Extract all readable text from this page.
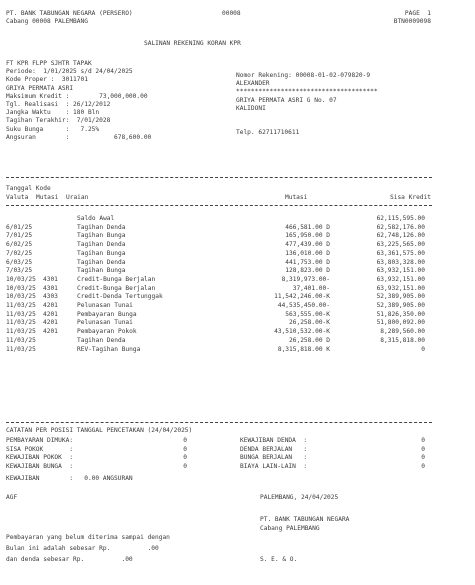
PT. BANK TABUNGAN NEGARA (PERSERO)
Cabang 00008 PALEMBANG
00008	PAGE  1
BTN0009098
SALINAN REKENING KORAN KPR
FT KPR FLPP SJHTR TAPAK
Periode:  1/01/2025 s/d 24/04/2025
Kode Proper :  3011701
GRIYA PERMATA ASRI
Maksimum Kredit :        73,000,000.00
Tgl. Realisasi  : 26/12/2012
Jangka Waktu    : 180 Bln
Tagihan Terakhir:  7/01/2028
Suku Bunga      :   7.25%
Angsuran        :            678,600.00
Nomor Rekening: 00008-01-02-079820-9
ALEXANDER
**************************************
GRIYA PERMATA ASRI G No. 07
KALIDONI
Telp. 62711710611
Tanggal Kode
Valuta Mutasi Uraian	Mutasi	Sisa Kredit
Saldo Awal	62,115,595.00
6/01/25	Tagihan Denda	466,581.00 D	62,582,176.00
7/01/25	Tagihan Bunga	165,950.00 D	62,748,126.00
6/02/25	Tagihan Denda	477,439.00 D	63,225,565.00
7/02/25	Tagihan Bunga	136,010.00 D	63,361,575.00
6/03/25	Tagihan Denda	441,753.00 D	63,803,328.00
7/03/25	Tagihan Bunga	128,823.00 D	63,932,151.00
10/03/25 4301	Credit-Bunga Berjalan	8,319,973.00-	63,932,151.00
10/03/25 4301	Credit-Bunga Berjalan	37,401.00-	63,932,151.00
10/03/25 4303	Credit-Denda Tertunggak	11,542,246.00-K	52,389,905.00
11/03/25 4201	Pelunasan Tunai	44,535,450.00-	52,389,905.00
11/03/25 4201	Pembayaran Bunga	563,555.00-K	51,826,350.00
11/03/25 4201	Pelunasan Tunai	26,258.00-K	51,800,092.00
11/03/25 4201	Pembayaran Pokok	43,510,532.00-K	8,289,560.00
11/03/25	Tagihan Denda	26,258.00 D	8,315,818.00
11/03/25	REV-Tagihan Bunga	8,315,818.00 K	0
CATATAN PER POSISI TANGGAL PENCETAKAN (24/04/2025)
PEMBAYARAN DIMUKA:	0
SISA POKOK       :	0
KEWAJIBAN POKOK  :	0
KEWAJIBAN BUNGA  :	0
KEWAJIBAN DENDA  :	0
DENDA BERJALAN   :	0
BUNGA BERJALAN   :	0
BIAYA LAIN-LAIN  :	0
KEWAJIBAN        :   0.00 ANGSURAN
AGF	PALEMBANG, 24/04/2025
PT. BANK TABUNGAN NEGARA
Cabang PALEMBANG
Pembayaran yang belum diterima sampai dengan
Bulan ini adalah sebesar Rp.          .00
dan denda sebesar Rp.          .00	S. E. & O.
